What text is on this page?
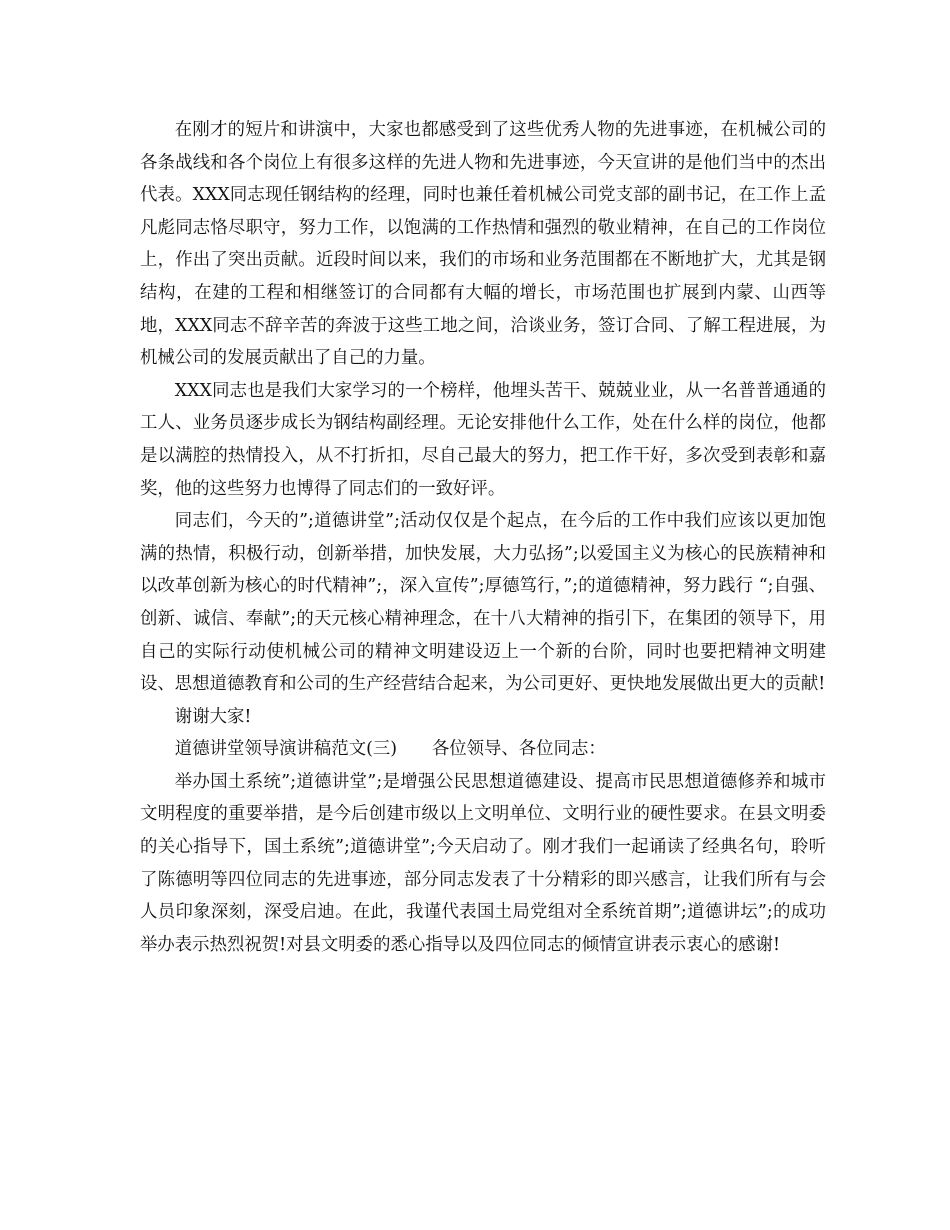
在刚才的短片和讲演中，大家也都感受到了这些优秀人物的先进事迹，在机械公司的各条战线和各个岗位上有很多这样的先进人物和先进事迹，今天宣讲的是他们当中的杰出代表。XXX同志现任钢结构的经理，同时也兼任着机械公司党支部的副书记，在工作上孟凡彪同志恪尽职守，努力工作，以饱满的工作热情和强烈的敬业精神，在自己的工作岗位上，作出了突出贡献。近段时间以来，我们的市场和业务范围都在不断地扩大，尤其是钢结构，在建的工程和相继签订的合同都有大幅的增长，市场范围也扩展到内蒙、山西等地，XXX同志不辞辛苦的奔波于这些工地之间，洽谈业务，签订合同、了解工程进展，为机械公司的发展贡献出了自己的力量。

XXX同志也是我们大家学习的一个榜样，他埋头苦干、兢兢业业，从一名普普通通的工人、业务员逐步成长为钢结构副经理。无论安排他什么工作，处在什么样的岗位，他都是以满腔的热情投入，从不打折扣，尽自己最大的努力，把工作干好，多次受到表彰和嘉奖，他的这些努力也博得了同志们的一致好评。

同志们，今天的”;道德讲堂”;活动仅仅是个起点，在今后的工作中我们应该以更加饱满的热情，积极行动，创新举措，加快发展，大力弘扬”;以爱国主义为核心的民族精神和以改革创新为核心的时代精神”;，深入宣传”;厚德笃行，”;的道德精神，努力践行 “;自强、创新、诚信、奉献”;的天元核心精神理念，在十八大精神的指引下，在集团的领导下，用自己的实际行动使机械公司的精神文明建设迈上一个新的台阶，同时也要把精神文明建设、思想道德教育和公司的生产经营结合起来，为公司更好、更快地发展做出更大的贡献!

谢谢大家!

道德讲堂领导演讲稿范文(三)　　各位领导、各位同志：

举办国土系统”;道德讲堂”;是增强公民思想道德建设、提高市民思想道德修养和城市文明程度的重要举措，是今后创建市级以上文明单位、文明行业的硬性要求。在县文明委的关心指导下，国土系统”;道德讲堂”;今天启动了。刚才我们一起诵读了经典名句，聆听了陈德明等四位同志的先进事迹，部分同志发表了十分精彩的即兴感言，让我们所有与会人员印象深刻，深受启迪。在此，我谨代表国土局党组对全系统首期”;道德讲坛”;的成功举办表示热烈祝贺!对县文明委的悉心指导以及四位同志的倾情宣讲表示衷心的感谢!
